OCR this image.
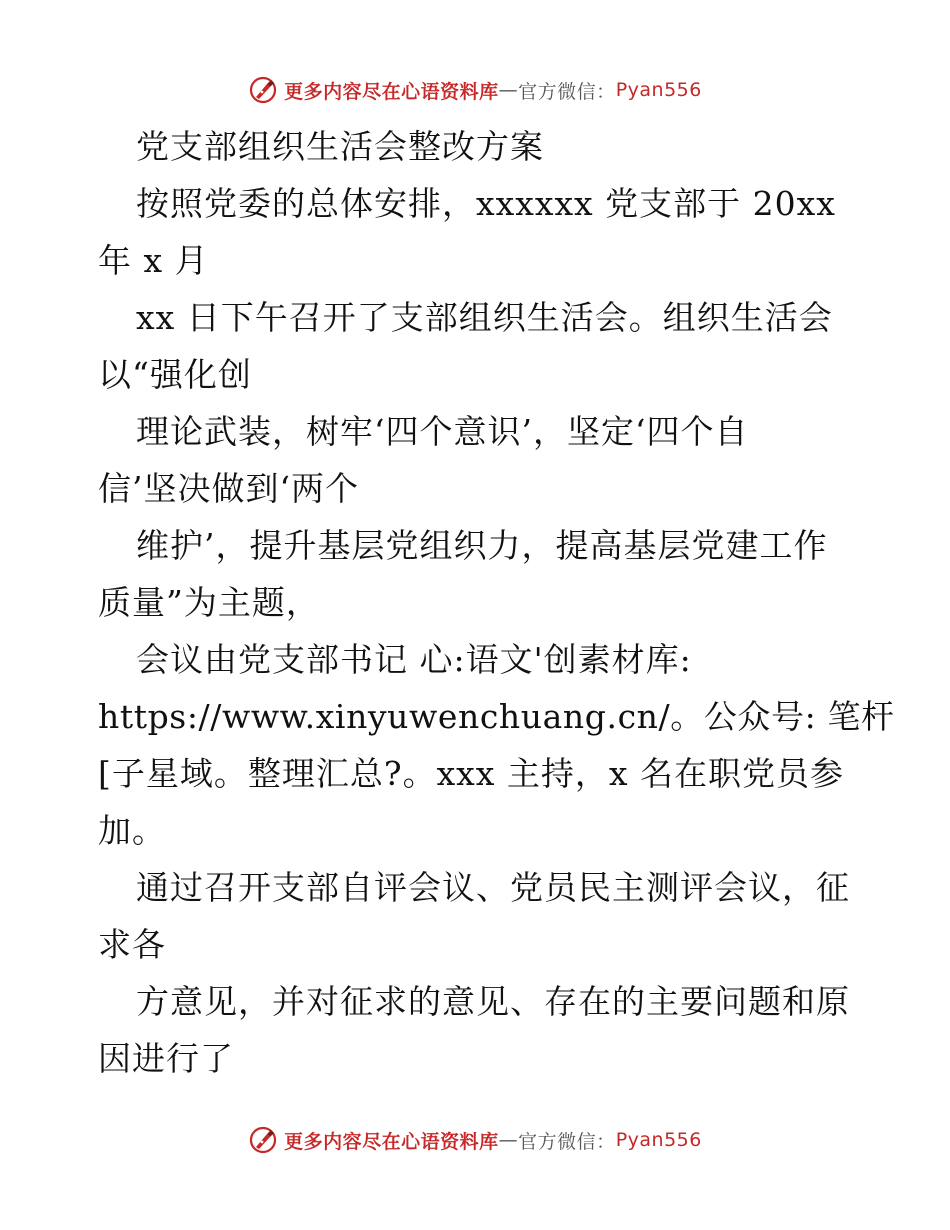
更多内容尽在心语资料库 — 官方微信： Pyan556
党支部组织生活会整改方案
按照党委的总体安排，xxxxxx 党支部于 20xx
年 x 月
xx 日下午召开了支部组织生活会。组织生活会
以“强化创
理论武装，树牢‘四个意识’，坚定‘四个自
信’坚决做到‘两个
维护’，提升基层党组织力，提高基层党建工作
质量”为主题，
会议由党支部书记 心:语文'创素材库:
https://www.xinyuwenchuang.cn/。公众号: 笔杆
[子星域。整理汇总?。xxx 主持，x 名在职党员参
加。
通过召开支部自评会议、党员民主测评会议，征
求各
方意见，并对征求的意见、存在的主要问题和原
因进行了
更多内容尽在心语资料库 — 官方微信： Pyan556
